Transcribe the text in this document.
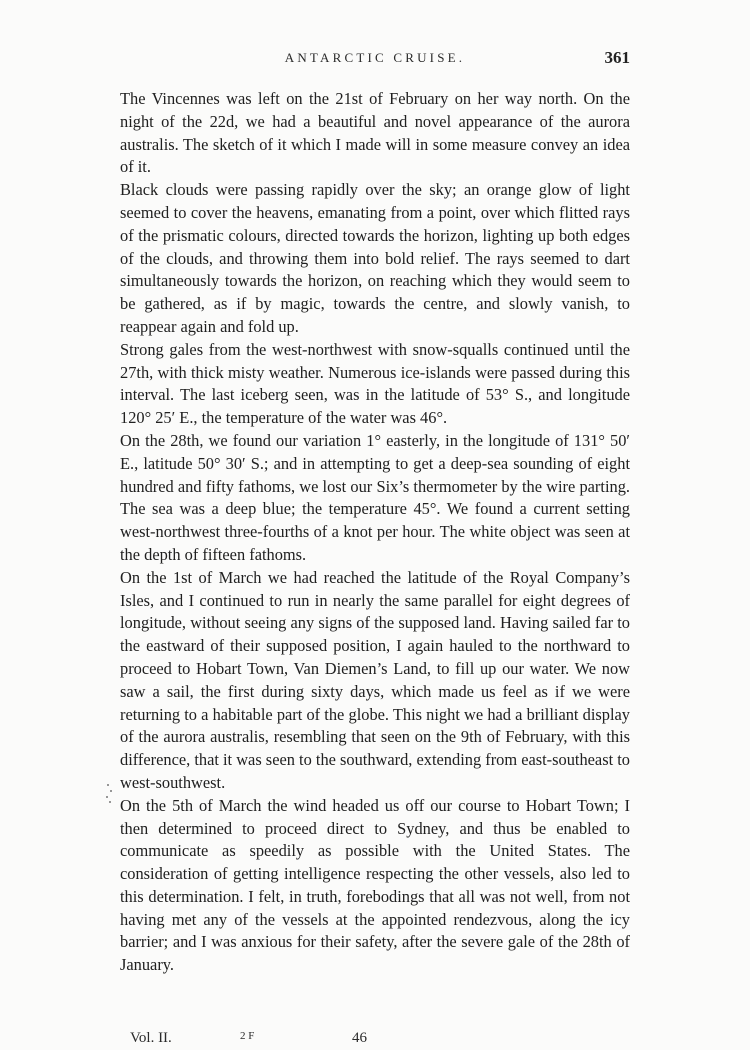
ANTARCTIC CRUISE.	361

The Vincennes was left on the 21st of February on her way north. On the night of the 22d, we had a beautiful and novel appearance of the aurora australis. The sketch of it which I made will in some measure convey an idea of it.

Black clouds were passing rapidly over the sky; an orange glow of light seemed to cover the heavens, emanating from a point, over which flitted rays of the prismatic colours, directed towards the horizon, lighting up both edges of the clouds, and throwing them into bold relief. The rays seemed to dart simultaneously towards the horizon, on reaching which they would seem to be gathered, as if by magic, towards the centre, and slowly vanish, to reappear again and fold up.

Strong gales from the west-northwest with snow-squalls continued until the 27th, with thick misty weather. Numerous ice-islands were passed during this interval. The last iceberg seen, was in the latitude of 53° S., and longitude 120° 25′ E., the temperature of the water was 46°.

On the 28th, we found our variation 1° easterly, in the longitude of 131° 50′ E., latitude 50° 30′ S.; and in attempting to get a deep-sea sounding of eight hundred and fifty fathoms, we lost our Six’s thermometer by the wire parting. The sea was a deep blue; the temperature 45°. We found a current setting west-northwest three-fourths of a knot per hour. The white object was seen at the depth of fifteen fathoms.

On the 1st of March we had reached the latitude of the Royal Company’s Isles, and I continued to run in nearly the same parallel for eight degrees of longitude, without seeing any signs of the supposed land. Having sailed far to the eastward of their supposed position, I again hauled to the northward to proceed to Hobart Town, Van Diemen’s Land, to fill up our water. We now saw a sail, the first during sixty days, which made us feel as if we were returning to a habitable part of the globe. This night we had a brilliant display of the aurora australis, resembling that seen on the 9th of February, with this difference, that it was seen to the southward, extending from east-southeast to west-southwest.

On the 5th of March the wind headed us off our course to Hobart Town; I then determined to proceed direct to Sydney, and thus be enabled to communicate as speedily as possible with the United States. The consideration of getting intelligence respecting the other vessels, also led to this determination. I felt, in truth, forebodings that all was not well, from not having met any of the vessels at the appointed rendezvous, along the icy barrier; and I was anxious for their safety, after the severe gale of the 28th of January.

Vol. II.	2 F	46
